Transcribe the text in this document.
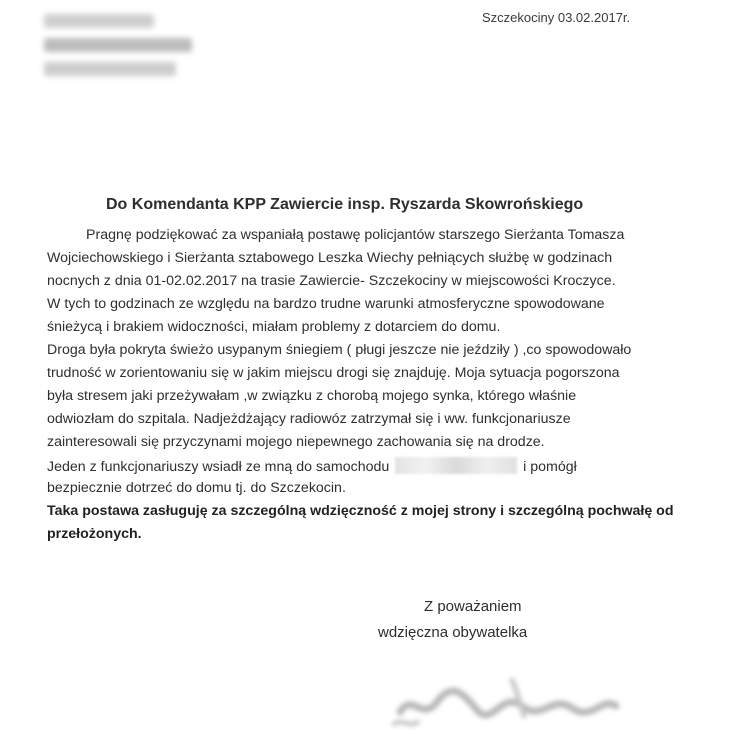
Szczekociny 03.02.2017r.
Do Komendanta KPP Zawiercie insp. Ryszarda Skowrońskiego
Pragnę podziękować za wspaniałą postawę policjantów starszego Sierżanta Tomasza
Wojciechowskiego i Sierżanta sztabowego Leszka Wiechy pełniących służbę w godzinach
nocnych z dnia 01-02.02.2017 na trasie Zawiercie- Szczekociny w miejscowości Kroczyce.
W tych to godzinach ze względu na bardzo trudne warunki atmosferyczne spowodowane
śnieżycą i brakiem widoczności, miałam problemy z dotarciem do domu.
Droga była pokryta świeżo usypanym śniegiem ( pługi jeszcze nie jeździły ) ,co spowodowało
trudność w zorientowaniu się w jakim miejscu drogi się znajduję. Moja sytuacja pogorszona
była stresem jaki przeżywałam ,w związku z chorobą mojego synka, którego właśnie
odwiozłam do szpitala. Nadjeżdżający radiowóz zatrzymał się i ww. funkcjonariusze
zainteresowali się przyczynami mojego niepewnego zachowania się na drodze.
Jeden z funkcjonariuszy wsiadł ze mną do samochodu	i pomógł
bezpiecznie dotrzeć do domu tj. do Szczekocin.
Taka postawa zasługuję za szczególną wdzięczność z mojej strony i szczególną pochwałę od
przełożonych.
Z poważaniem
wdzięczna obywatelka
